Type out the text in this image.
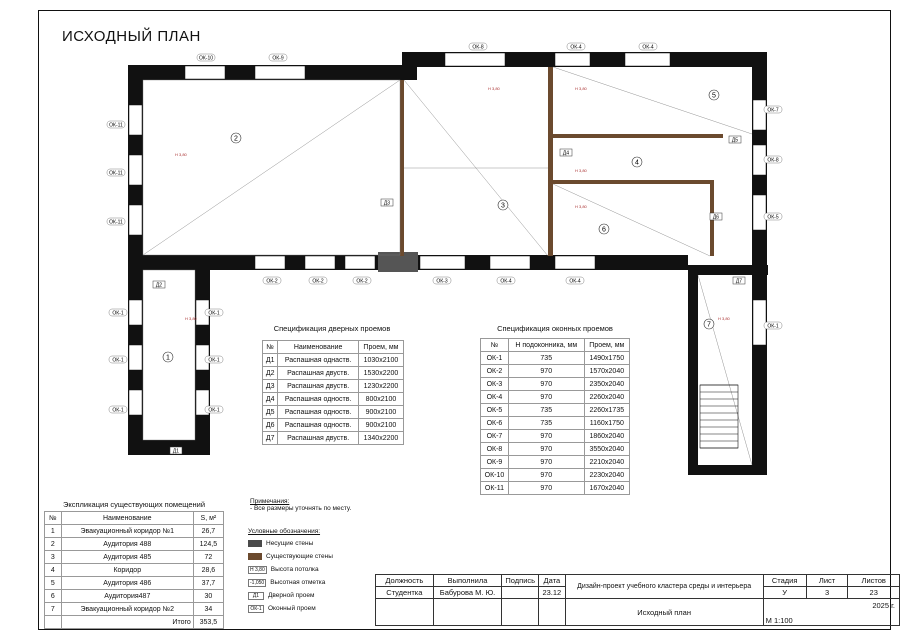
ИСХОДНЫЙ ПЛАН
1
2
3
4
5
6
7
ОК-10	ОК-9
ОК-8	ОК-4	ОК-4
ОК-7
ОК-11
ОК-11
ОК-11
ОК-8
ОК-5
ОК-2	ОК-2	ОК-2	ОК-3	ОК-4	ОК-4
ОК-1
ОК-1
ОК-1
ОК-1
ОК-1
ОК-1
ОК-1
Д1
Д2
Д3
Д4
Д5
Д6
Д7
Н 3,80
Н 3,80	Н 3,80
Н 3,80
Н 3,80
Н 3,80	Н 3,80
Спецификация дверных проемов
№	Наименование	Проем, мм
Д1	Распашная однаств.	1030х2100
Д2	Распашная двуств.	1530х2200
Д3	Распашная двуств.	1230х2200
Д4	Распашная одноств.	800х2100
Д5	Распашная одноств.	900х2100
Д6	Распашная одноств.	900х2100
Д7	Распашная двуств.	1340х2200
Спецификация оконных проемов
№	Н подоконника, мм	Проем, мм
ОК-1	735	1490х1750
ОК-2	970	1570х2040
ОК-3	970	2350х2040
ОК-4	970	2260х2040
ОК-5	735	2260х1735
ОК-6	735	1160х1750
ОК-7	970	1860х2040
ОК-8	970	3550х2040
ОК-9	970	2210х2040
ОК-10	970	2230х2040
ОК-11	970	1670х2040
Экспликация существующих помещений
№	Наименование	S, м²
1	Эвакуационный коридор №1	26,7
2	Аудитория 488	124,5
3	Аудитория 485	72
4	Коридор	28,6
5	Аудитория 486	37,7
6	Аудитория487	30
7	Эвакуационный коридор №2	34
	Итого	353,5
Примечания:
- Все размеры уточнять по месту.
Условные обозначения:
Несущие стены
Существующие стены
Н 3,80 Высота потолка
-1,050 Высотная отметка
Д1	Дверной проем
ОК-1 Оконный проем
Должность	Выполнила	Подпись	Дата	Дизайн-проект учебного кластера среды и интерьера	Стадия	Лист	Листов
Студентка	Бабурова М. Ю.		23.12		У	3	23
				Исходный план	М 1:100
2025 г.		
